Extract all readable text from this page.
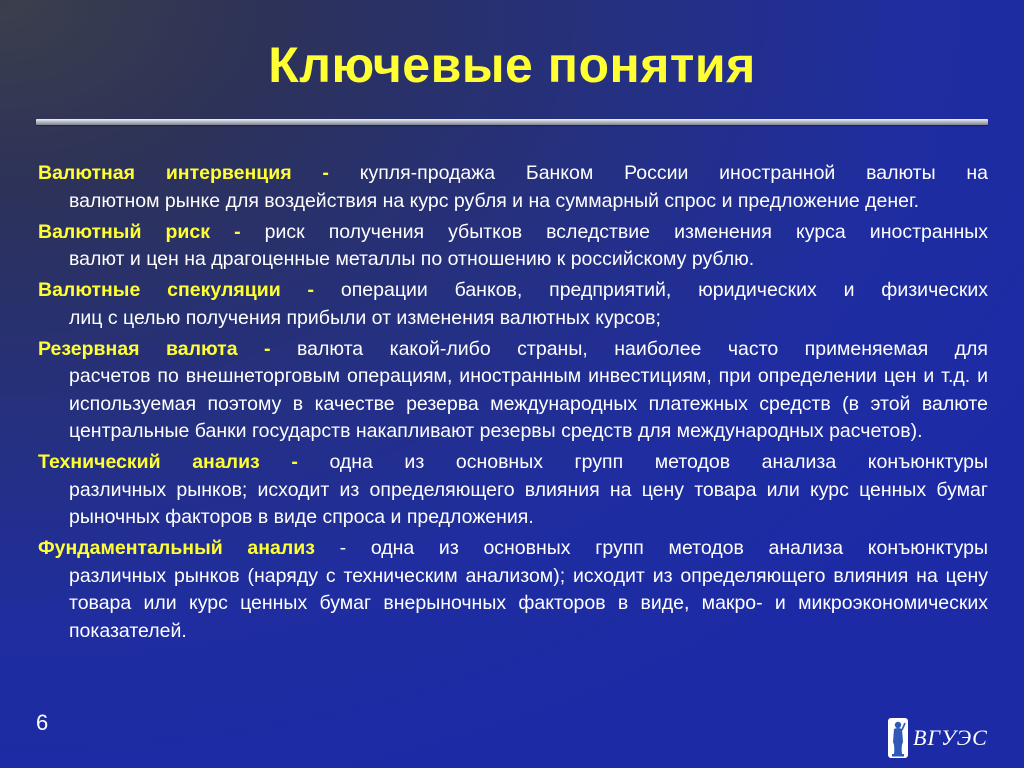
Ключевые понятия
Валютная интервенция - купля-продажа Банком России иностранной валюты на
валютном рынке для воздействия на курс рубля и на суммарный спрос и предложение денег.
Валютный риск - риск получения убытков вследствие изменения курса иностранных
валют и цен на драгоценные металлы по отношению к российскому рублю.
Валютные спекуляции - операции банков, предприятий, юридических и физических
лиц с целью получения прибыли от изменения валютных курсов;
Резервная валюта - валюта какой-либо страны, наиболее часто применяемая для
расчетов по внешнеторговым операциям, иностранным инвестициям, при определении цен и т.д. и используемая поэтому в качестве резерва международных платежных средств (в этой валюте центральные банки государств накапливают резервы средств для международных расчетов).
Технический анализ - одна из основных групп методов анализа конъюнктуры
различных рынков; исходит из определяющего влияния на цену товара или курс ценных бумаг рыночных факторов в виде спроса и предложения.
Фундаментальный анализ - одна из основных групп методов анализа конъюнктуры
различных рынков (наряду с техническим анализом); исходит из определяющего влияния на цену товара или курс ценных бумаг внерыночных факторов в виде, макро- и микроэкономических показателей.
6
ВГУЭС
